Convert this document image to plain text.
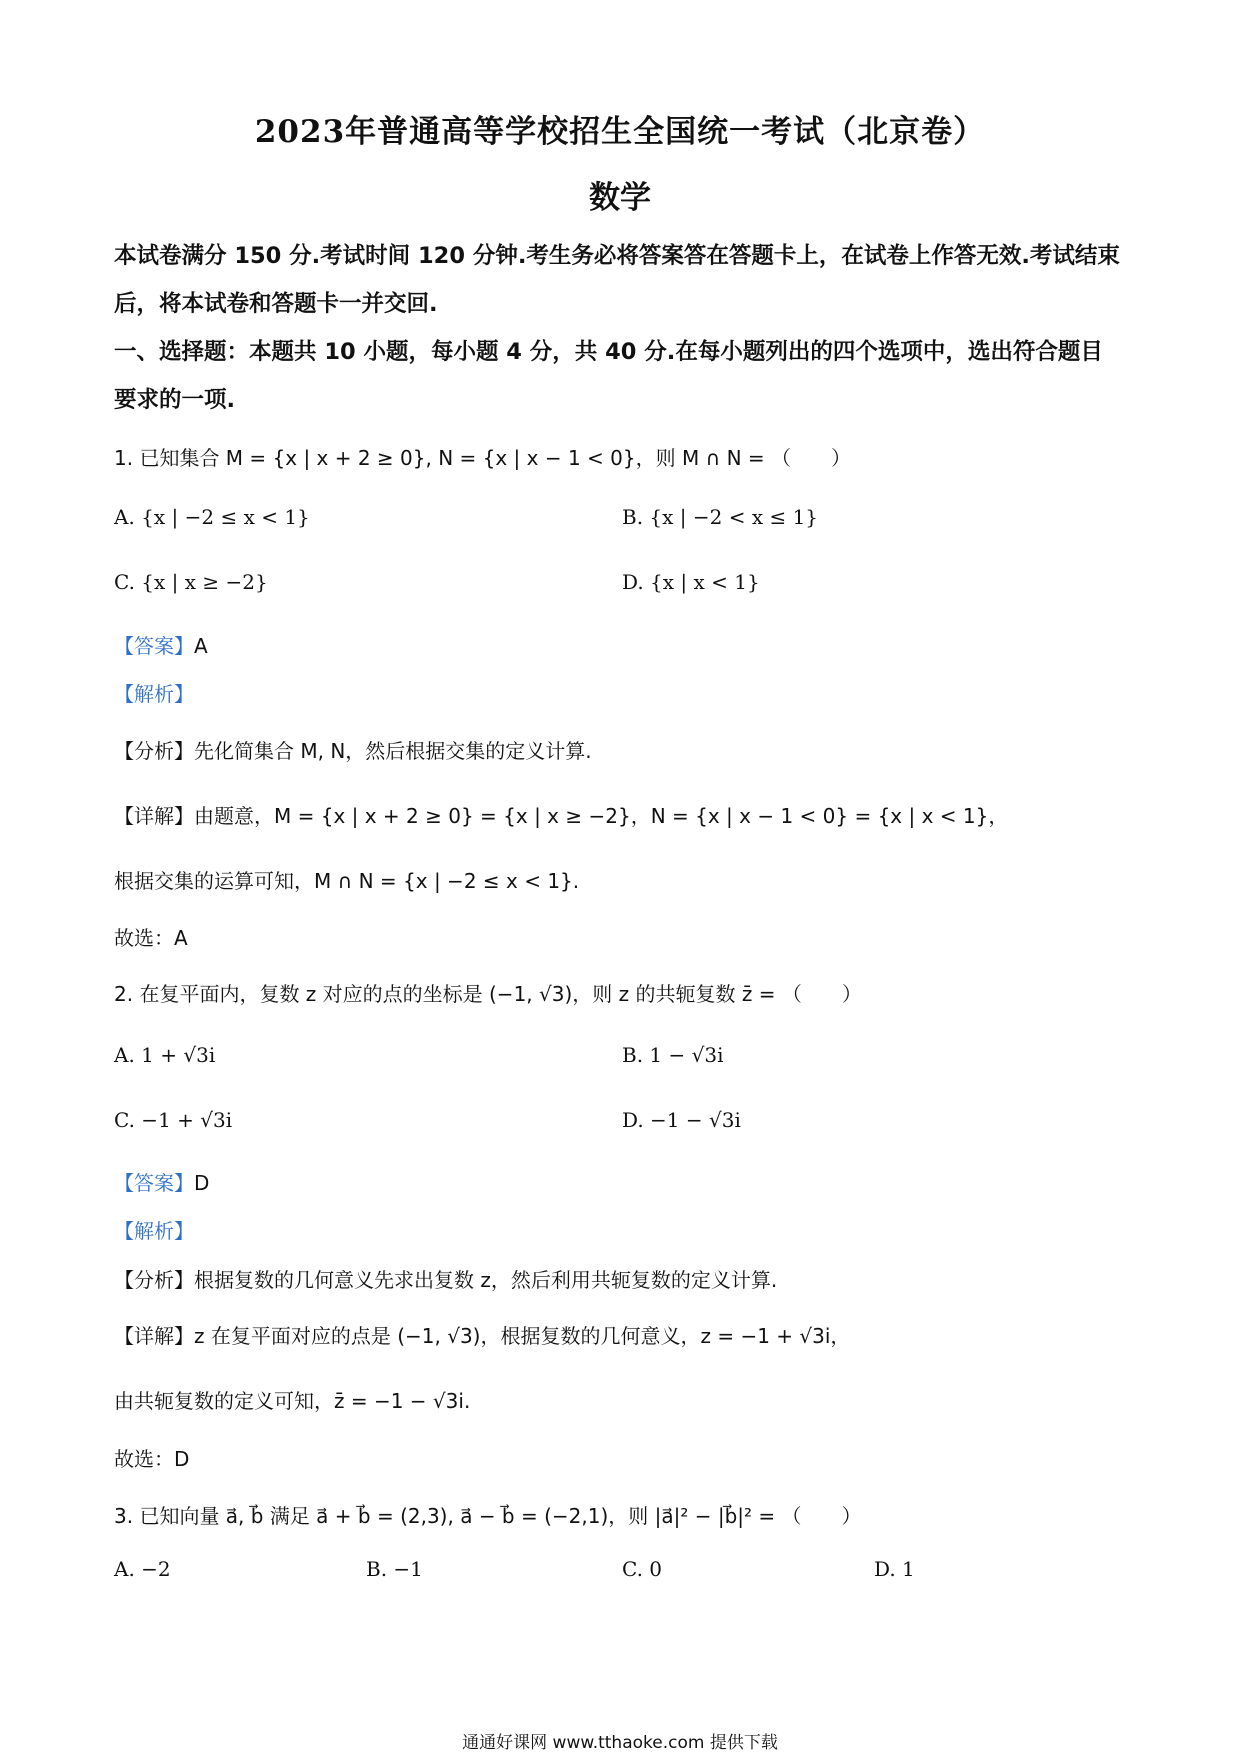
2023年普通高等学校招生全国统一考试（北京卷）
数学
本试卷满分 150 分.考试时间 120 分钟.考生务必将答案答在答题卡上，在试卷上作答无效.考试结束后，将本试卷和答题卡一并交回.
一、选择题：本题共 10 小题，每小题 4 分，共 40 分.在每小题列出的四个选项中，选出符合题目要求的一项.
1. 已知集合 M = {x | x + 2 ≥ 0}, N = {x | x − 1 < 0}，则 M ∩ N = （　　）
A. {x | −2 ≤ x < 1}	B. {x | −2 < x ≤ 1}
C. {x | x ≥ −2}	D. {x | x < 1}
【答案】A
【解析】
【分析】先化简集合 M, N，然后根据交集的定义计算.
【详解】由题意，M = {x | x + 2 ≥ 0} = {x | x ≥ −2}，N = {x | x − 1 < 0} = {x | x < 1}，
根据交集的运算可知，M ∩ N = {x | −2 ≤ x < 1}.
故选：A
2. 在复平面内，复数 z 对应的点的坐标是 (−1, √3)，则 z 的共轭复数 z̄ = （　　）
A. 1 + √3i	B. 1 − √3i
C. −1 + √3i	D. −1 − √3i
【答案】D
【解析】
【分析】根据复数的几何意义先求出复数 z，然后利用共轭复数的定义计算.
【详解】z 在复平面对应的点是 (−1, √3)，根据复数的几何意义，z = −1 + √3i，
由共轭复数的定义可知，z̄ = −1 − √3i.
故选：D
3. 已知向量 a⃗, b⃗ 满足 a⃗ + b⃗ = (2,3), a⃗ − b⃗ = (−2,1)，则 |a⃗|² − |b⃗|² = （　　）
A. −2	B. −1	C. 0	D. 1
通通好课网 www.tthaoke.com 提供下载
